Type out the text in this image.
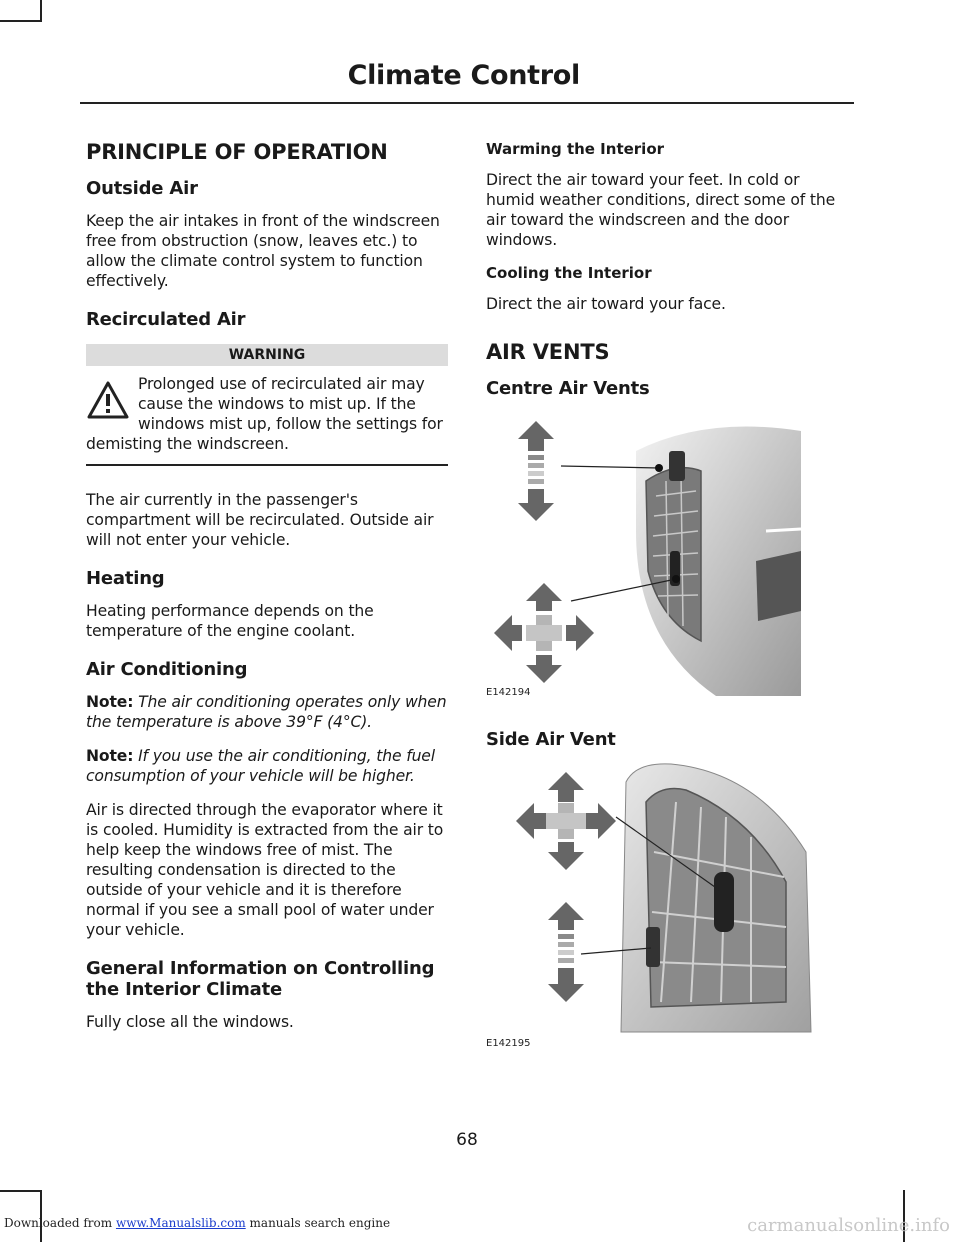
Climate Control
PRINCIPLE OF OPERATION
Outside Air

Keep the air intakes in front of the windscreen free from obstruction (snow, leaves etc.) to allow the climate control system to function effectively.

Recirculated Air
WARNING
Prolonged use of recirculated air may cause the windows to mist up. If the windows mist up, follow the settings for demisting the windscreen.

The air currently in the passenger's compartment will be recirculated. Outside air will not enter your vehicle.

Heating

Heating performance depends on the temperature of the engine coolant.

Air Conditioning

Note: The air conditioning operates only when the temperature is above 39°F (4°C).

Note: If you use the air conditioning, the fuel consumption of your vehicle will be higher.

Air is directed through the evaporator where it is cooled. Humidity is extracted from the air to help keep the windows free of mist. The resulting condensation is directed to the outside of your vehicle and it is therefore normal if you see a small pool of water under your vehicle.

General Information on Controlling the Interior Climate

Fully close all the windows.

Warming the Interior

Direct the air toward your feet. In cold or humid weather conditions, direct some of the air toward the windscreen and the door windows.

Cooling the Interior

Direct the air toward your face.

AIR VENTS
Centre Air Vents
E142194
Side Air Vent
E142195
68
Downloaded from www.Manualslib.com manuals search engine	carmanualsonline.info
